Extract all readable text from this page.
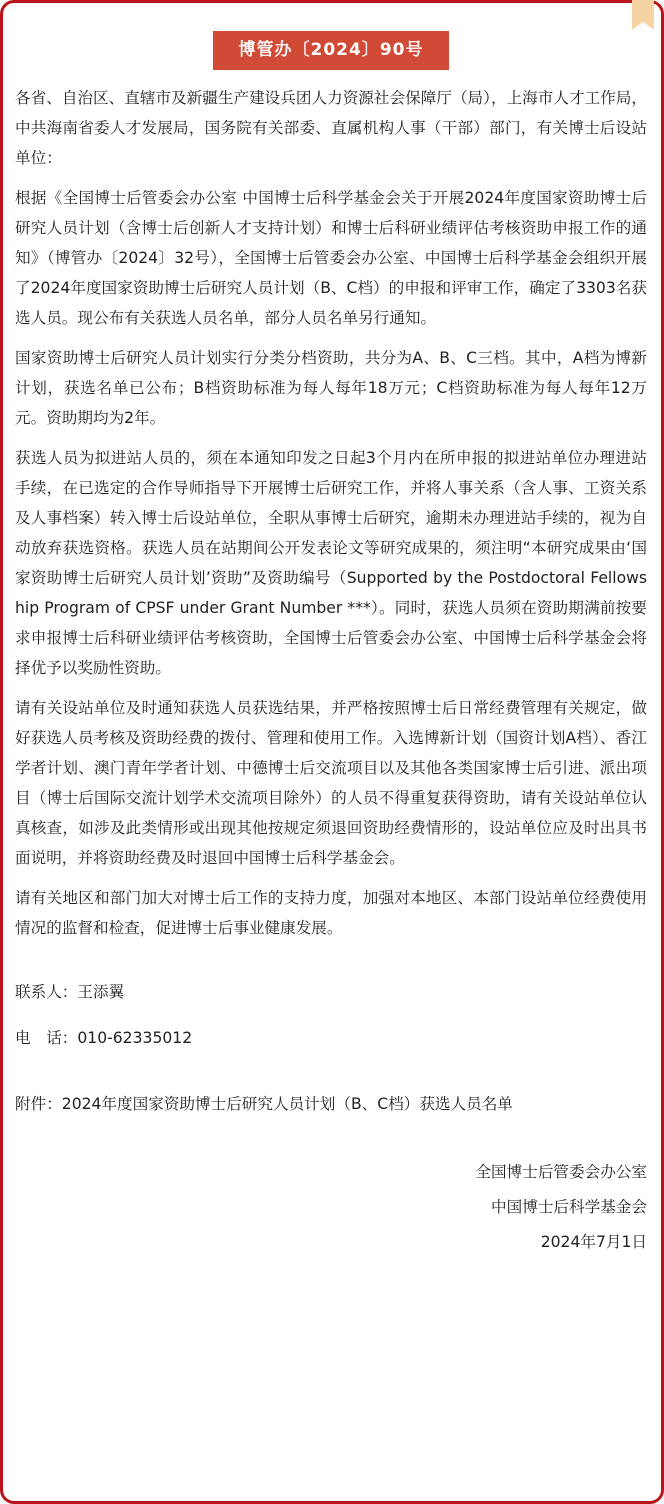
博管办〔2024〕90号

各省、自治区、直辖市及新疆生产建设兵团人力资源社会保障厅（局），上海市人才工作局，中共海南省委人才发展局，国务院有关部委、直属机构人事（干部）部门，有关博士后设站单位：

根据《全国博士后管委会办公室 中国博士后科学基金会关于开展2024年度国家资助博士后研究人员计划（含博士后创新人才支持计划）和博士后科研业绩评估考核资助申报工作的通知》（博管办〔2024〕32号），全国博士后管委会办公室、中国博士后科学基金会组织开展了2024年度国家资助博士后研究人员计划（B、C档）的申报和评审工作，确定了3303名获选人员。现公布有关获选人员名单，部分人员名单另行通知。

国家资助博士后研究人员计划实行分类分档资助，共分为A、B、C三档。其中，A档为博新计划，获选名单已公布；B档资助标准为每人每年18万元；C档资助标准为每人每年12万元。资助期均为2年。

获选人员为拟进站人员的，须在本通知印发之日起3个月内在所申报的拟进站单位办理进站手续，在已选定的合作导师指导下开展博士后研究工作，并将人事关系（含人事、工资关系及人事档案）转入博士后设站单位，全职从事博士后研究，逾期未办理进站手续的，视为自动放弃获选资格。获选人员在站期间公开发表论文等研究成果的，须注明“本研究成果由‘国家资助博士后研究人员计划’资助”及资助编号（Supported by the Postdoctoral Fellowship Program of CPSF under Grant Number ***）。同时，获选人员须在资助期满前按要求申报博士后科研业绩评估考核资助，全国博士后管委会办公室、中国博士后科学基金会将择优予以奖励性资助。

请有关设站单位及时通知获选人员获选结果，并严格按照博士后日常经费管理有关规定，做好获选人员考核及资助经费的拨付、管理和使用工作。入选博新计划（国资计划A档）、香江学者计划、澳门青年学者计划、中德博士后交流项目以及其他各类国家博士后引进、派出项目（博士后国际交流计划学术交流项目除外）的人员不得重复获得资助，请有关设站单位认真核查，如涉及此类情形或出现其他按规定须退回资助经费情形的，设站单位应及时出具书面说明，并将资助经费及时退回中国博士后科学基金会。

请有关地区和部门加大对博士后工作的支持力度，加强对本地区、本部门设站单位经费使用情况的监督和检查，促进博士后事业健康发展。

联系人：王添翼
电　话：010-62335012
附件：2024年度国家资助博士后研究人员计划（B、C档）获选人员名单
全国博士后管委会办公室
中国博士后科学基金会
2024年7月1日
